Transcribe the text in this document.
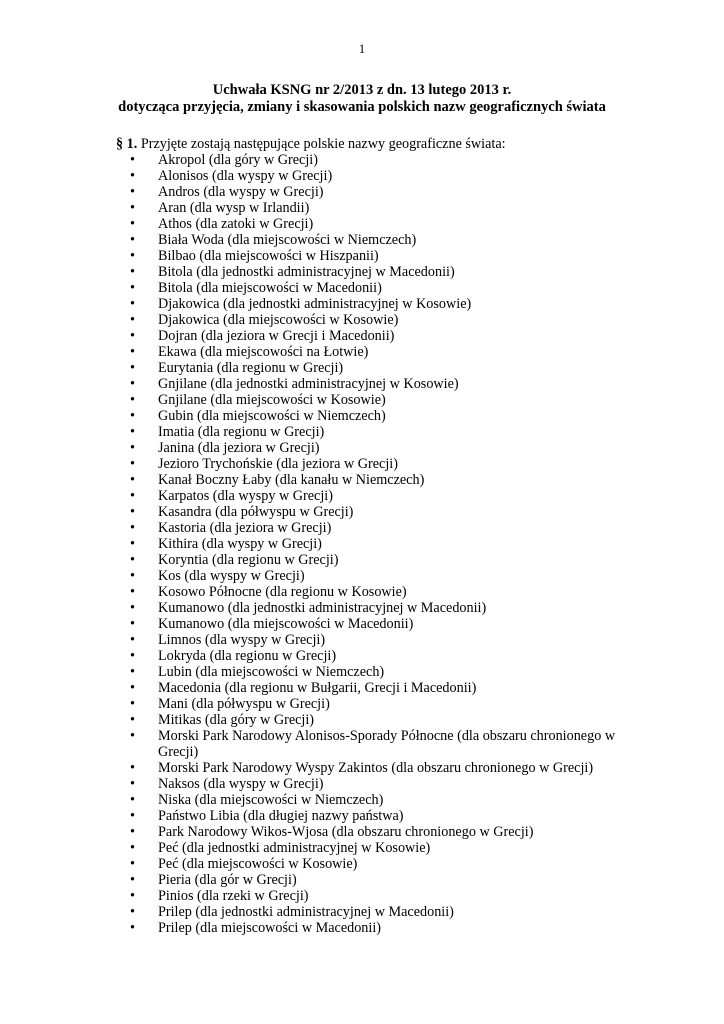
1
Uchwała KSNG nr 2/2013 z dn. 13 lutego 2013 r.
dotycząca przyjęcia, zmiany i skasowania polskich nazw geograficznych świata
§ 1. Przyjęte zostają następujące polskie nazwy geograficzne świata:
• Akropol (dla góry w Grecji)
• Alonisos (dla wyspy w Grecji)
• Andros (dla wyspy w Grecji)
• Aran (dla wysp w Irlandii)
• Athos (dla zatoki w Grecji)
• Biała Woda (dla miejscowości w Niemczech)
• Bilbao (dla miejscowości w Hiszpanii)
• Bitola (dla jednostki administracyjnej w Macedonii)
• Bitola (dla miejscowości w Macedonii)
• Djakowica (dla jednostki administracyjnej w Kosowie)
• Djakowica (dla miejscowości w Kosowie)
• Dojran (dla jeziora w Grecji i Macedonii)
• Ekawa (dla miejscowości na Łotwie)
• Eurytania (dla regionu w Grecji)
• Gnjilane (dla jednostki administracyjnej w Kosowie)
• Gnjilane (dla miejscowości w Kosowie)
• Gubin (dla miejscowości w Niemczech)
• Imatia (dla regionu w Grecji)
• Janina (dla jeziora w Grecji)
• Jezioro Trychońskie (dla jeziora w Grecji)
• Kanał Boczny Łaby (dla kanału w Niemczech)
• Karpatos (dla wyspy w Grecji)
• Kasandra (dla półwyspu w Grecji)
• Kastoria (dla jeziora w Grecji)
• Kithira (dla wyspy w Grecji)
• Koryntia (dla regionu w Grecji)
• Kos (dla wyspy w Grecji)
• Kosowo Północne (dla regionu w Kosowie)
• Kumanowo (dla jednostki administracyjnej w Macedonii)
• Kumanowo (dla miejscowości w Macedonii)
• Limnos (dla wyspy w Grecji)
• Lokryda (dla regionu w Grecji)
• Lubin (dla miejscowości w Niemczech)
• Macedonia (dla regionu w Bułgarii, Grecji i Macedonii)
• Mani (dla półwyspu w Grecji)
• Mitikas (dla góry w Grecji)
• Morski Park Narodowy Alonisos-Sporady Północne (dla obszaru chronionego w Grecji)
• Morski Park Narodowy Wyspy Zakintos (dla obszaru chronionego w Grecji)
• Naksos (dla wyspy w Grecji)
• Niska (dla miejscowości w Niemczech)
• Państwo Libia (dla długiej nazwy państwa)
• Park Narodowy Wikos-Wjosa (dla obszaru chronionego w Grecji)
• Peć (dla jednostki administracyjnej w Kosowie)
• Peć (dla miejscowości w Kosowie)
• Pieria (dla gór w Grecji)
• Pinios (dla rzeki w Grecji)
• Prilep (dla jednostki administracyjnej w Macedonii)
• Prilep (dla miejscowości w Macedonii)
